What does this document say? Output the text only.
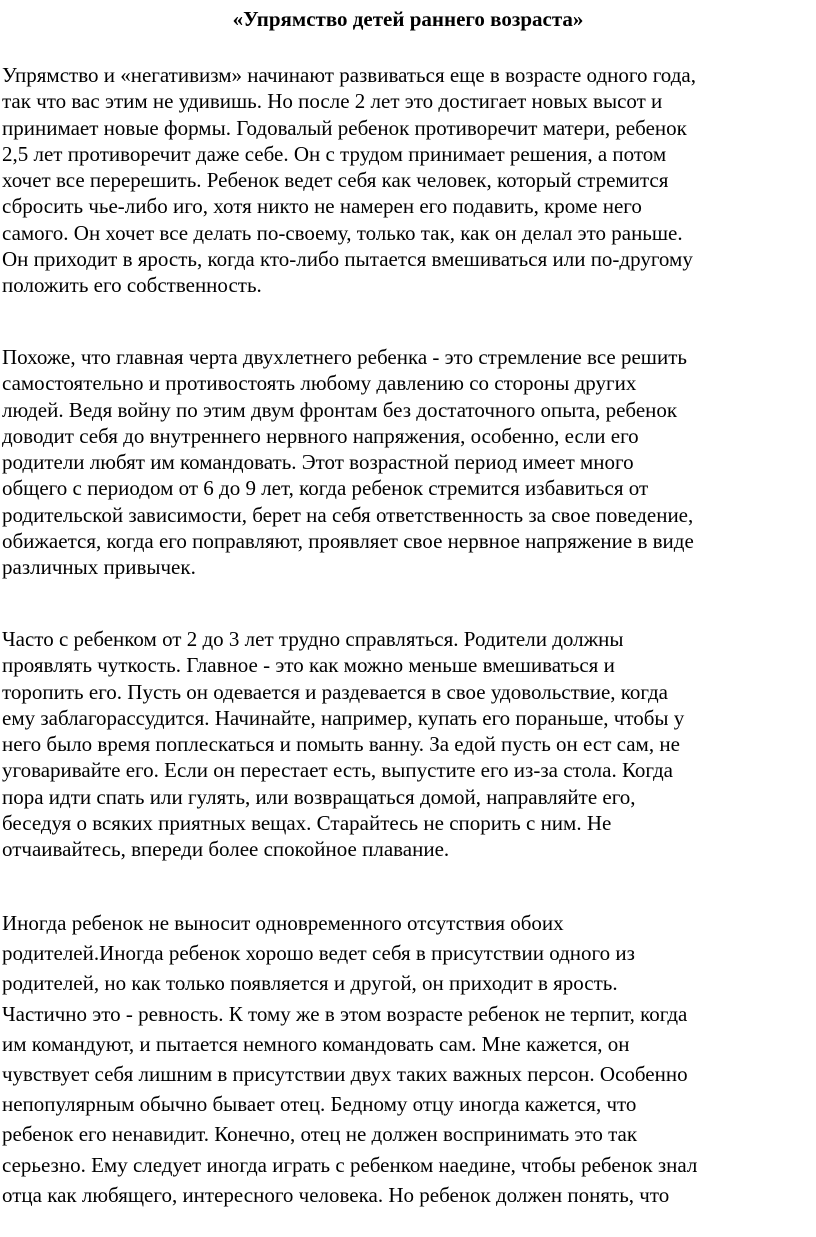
«Упрямство детей раннего возраста»

Упрямство и «негативизм» начинают развиваться еще в возрасте одного года,
так что вас этим не удивишь. Но после 2 лет это достигает новых высот и
принимает новые формы. Годовалый ребенок противоречит матери, ребенок
2,5 лет противоречит даже себе. Он с трудом принимает решения, а потом
хочет все перерешить. Ребенок ведет себя как человек, который стремится
сбросить чье-либо иго, хотя никто не намерен его подавить, кроме него
самого. Он хочет все делать по-своему, только так, как он делал это раньше.
Он приходит в ярость, когда кто-либо пытается вмешиваться или по-другому
положить его собственность.

Похоже, что главная черта двухлетнего ребенка - это стремление все решить
самостоятельно и противостоять любому давлению со стороны других
людей. Ведя войну по этим двум фронтам без достаточного опыта, ребенок
доводит себя до внутреннего нервного напряжения, особенно, если его
родители любят им командовать. Этот возрастной период имеет много
общего с периодом от 6 до 9 лет, когда ребенок стремится избавиться от
родительской зависимости, берет на себя ответственность за свое поведение,
обижается, когда его поправляют, проявляет свое нервное напряжение в виде
различных привычек.

Часто с ребенком от 2 до 3 лет трудно справляться. Родители должны
проявлять чуткость. Главное - это как можно меньше вмешиваться и
торопить его. Пусть он одевается и раздевается в свое удовольствие, когда
ему заблагорассудится. Начинайте, например, купать его пораньше, чтобы у
него было время поплескаться и помыть ванну. За едой пусть он ест сам, не
уговаривайте его. Если он перестает есть, выпустите его из-за стола. Когда
пора идти спать или гулять, или возвращаться домой, направляйте его,
беседуя о всяких приятных вещах. Старайтесь не спорить с ним. Не
отчаивайтесь, впереди более спокойное плавание.

Иногда ребенок не выносит одновременного отсутствия обоих
родителей.Иногда ребенок хорошо ведет себя в присутствии одного из
родителей, но как только появляется и другой, он приходит в ярость.
Частично это - ревность. К тому же в этом возрасте ребенок не терпит, когда
им командуют, и пытается немного командовать сам. Мне кажется, он
чувствует себя лишним в присутствии двух таких важных персон. Особенно
непопулярным обычно бывает отец. Бедному отцу иногда кажется, что
ребенок его ненавидит. Конечно, отец не должен воспринимать это так
серьезно. Ему следует иногда играть с ребенком наедине, чтобы ребенок знал
отца как любящего, интересного человека. Но ребенок должен понять, что
